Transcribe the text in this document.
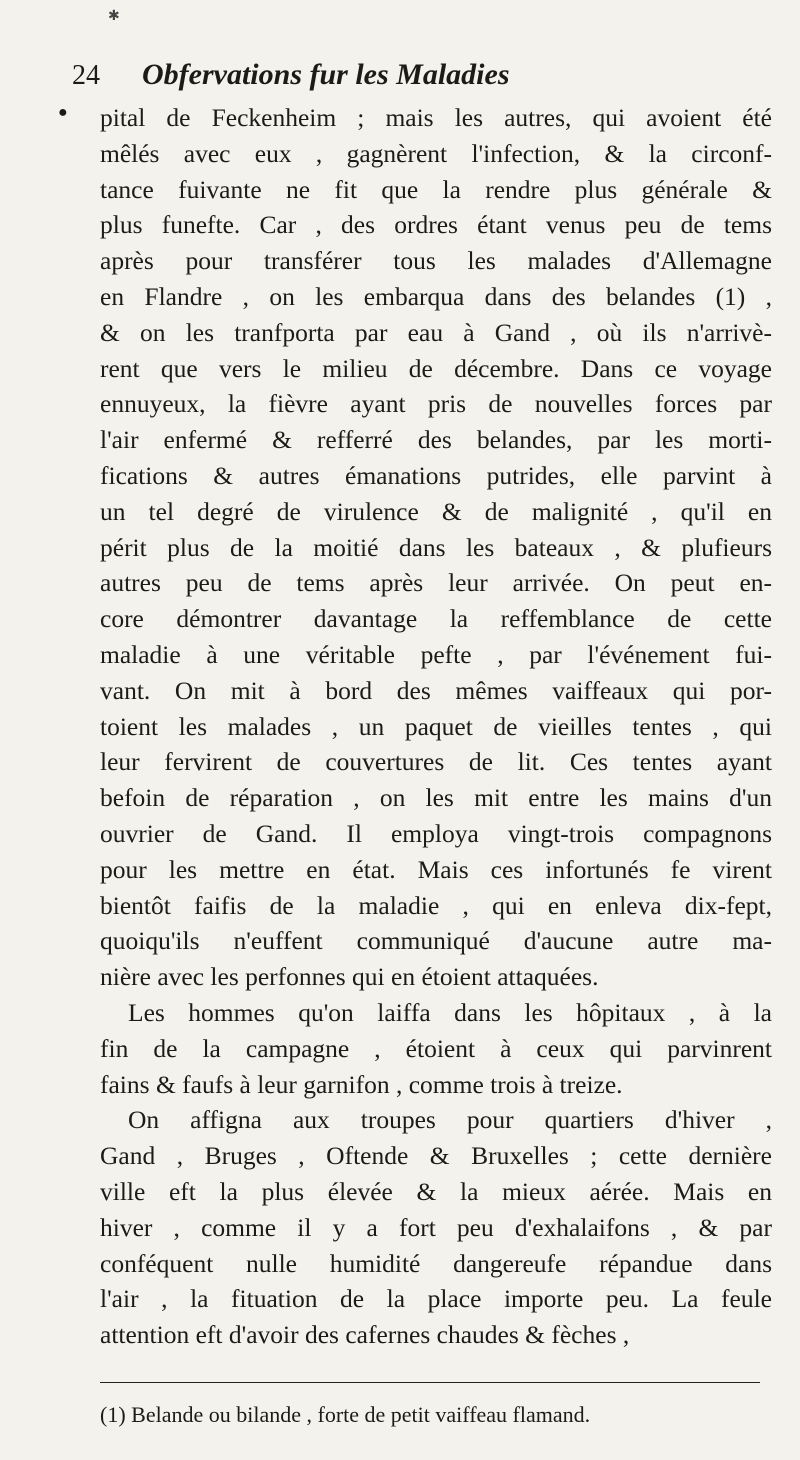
✱
24 Obfervations fur les Maladies
● pital de Feckenheim ; mais les autres, qui avoient été
mêlés avec eux , gagnèrent l'infection, & la circonf-
tance fuivante ne fit que la rendre plus générale &
plus funefte. Car , des ordres étant venus peu de tems
après pour transférer tous les malades d'Allemagne
en Flandre , on les embarqua dans des belandes (1) ,
& on les tranfporta par eau à Gand , où ils n'arrivè-
rent que vers le milieu de décembre. Dans ce voyage
ennuyeux, la fièvre ayant pris de nouvelles forces par
l'air enfermé & refferré des belandes, par les morti-
fications & autres émanations putrides, elle parvint à
un tel degré de virulence & de malignité , qu'il en
périt plus de la moitié dans les bateaux , & plufieurs
autres peu de tems après leur arrivée. On peut en-
core démontrer davantage la reffemblance de cette
maladie à une véritable pefte , par l'événement fui-
vant. On mit à bord des mêmes vaiffeaux qui por-
toient les malades , un paquet de vieilles tentes , qui
leur fervirent de couvertures de lit. Ces tentes ayant
befoin de réparation , on les mit entre les mains d'un
ouvrier de Gand. Il employa vingt-trois compagnons
pour les mettre en état. Mais ces infortunés fe virent
bientôt faifis de la maladie , qui en enleva dix-fept,
quoiqu'ils n'euffent communiqué d'aucune autre ma-
nière avec les perfonnes qui en étoient attaquées.
Les hommes qu'on laiffa dans les hôpitaux , à la
fin de la campagne , étoient à ceux qui parvinrent
fains & faufs à leur garnifon , comme trois à treize.
On affigna aux troupes pour quartiers d'hiver ,
Gand , Bruges , Oftende & Bruxelles ; cette dernière
ville eft la plus élevée & la mieux aérée. Mais en
hiver , comme il y a fort peu d'exhalaifons , & par
conféquent nulle humidité dangereufe répandue dans
l'air , la fituation de la place importe peu. La feule
attention eft d'avoir des cafernes chaudes & fèches ,
(1) Belande ou bilande , forte de petit vaiffeau flamand.
